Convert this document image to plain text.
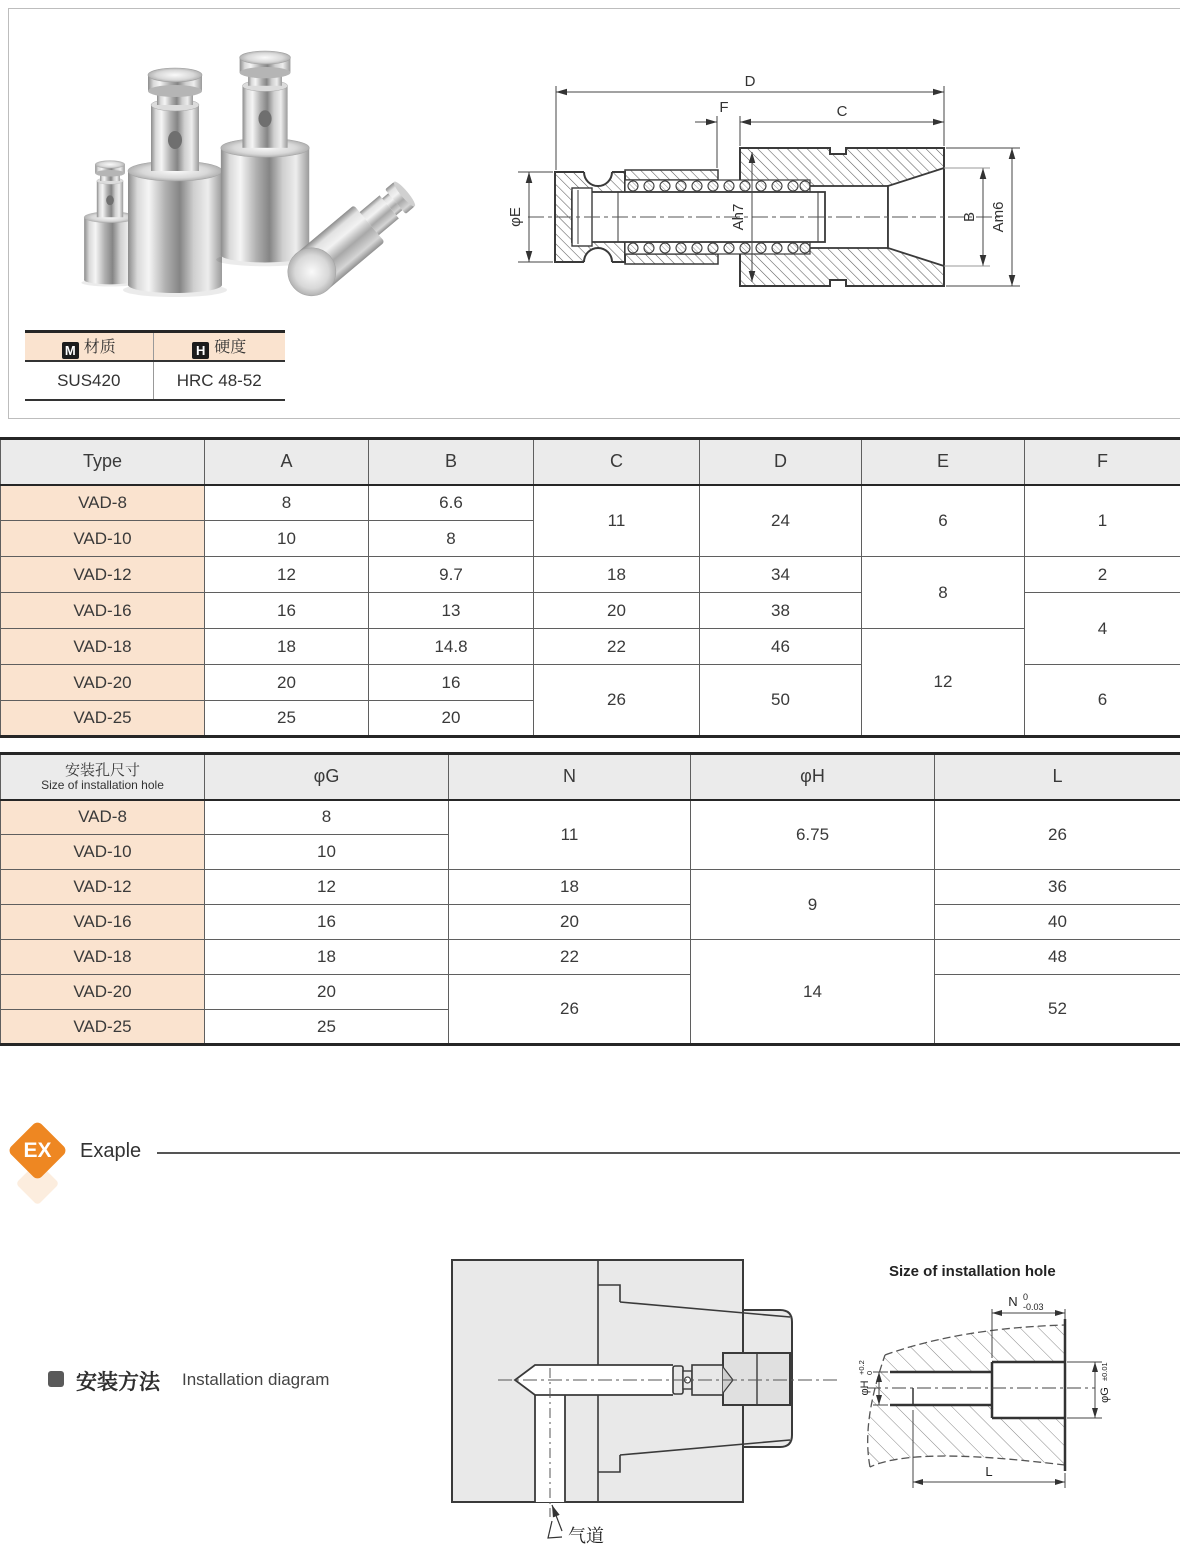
D
C
F
φE	Ah7	B Am6
M 材质	H 硬度
SUS420	HRC 48-52
Type	A	B	C	D	E	F
VAD-8	8	6.6	11	24	6	1
VAD-10	10	8				
VAD-12	12	9.7	18	34	8	2
VAD-16	16	13	20	38		4
VAD-18	18	14.8	22	46	12	
VAD-20	20	16	26	50		6
VAD-25	25	20				
安装孔尺寸
Size of installation hole	φG	N	φH	L
VAD-8	8	11	6.75	26
VAD-10	10			
VAD-12	12	18	9	36
VAD-16	16	20		40
VAD-18	18	22	14	48
VAD-20	20	26		52
VAD-25	25			
EX	Exaple
安装方法 Installation diagram
气道
Size of installation hole
N 0
-0.03
φH
+0.2 0
φG
±0.01
L
